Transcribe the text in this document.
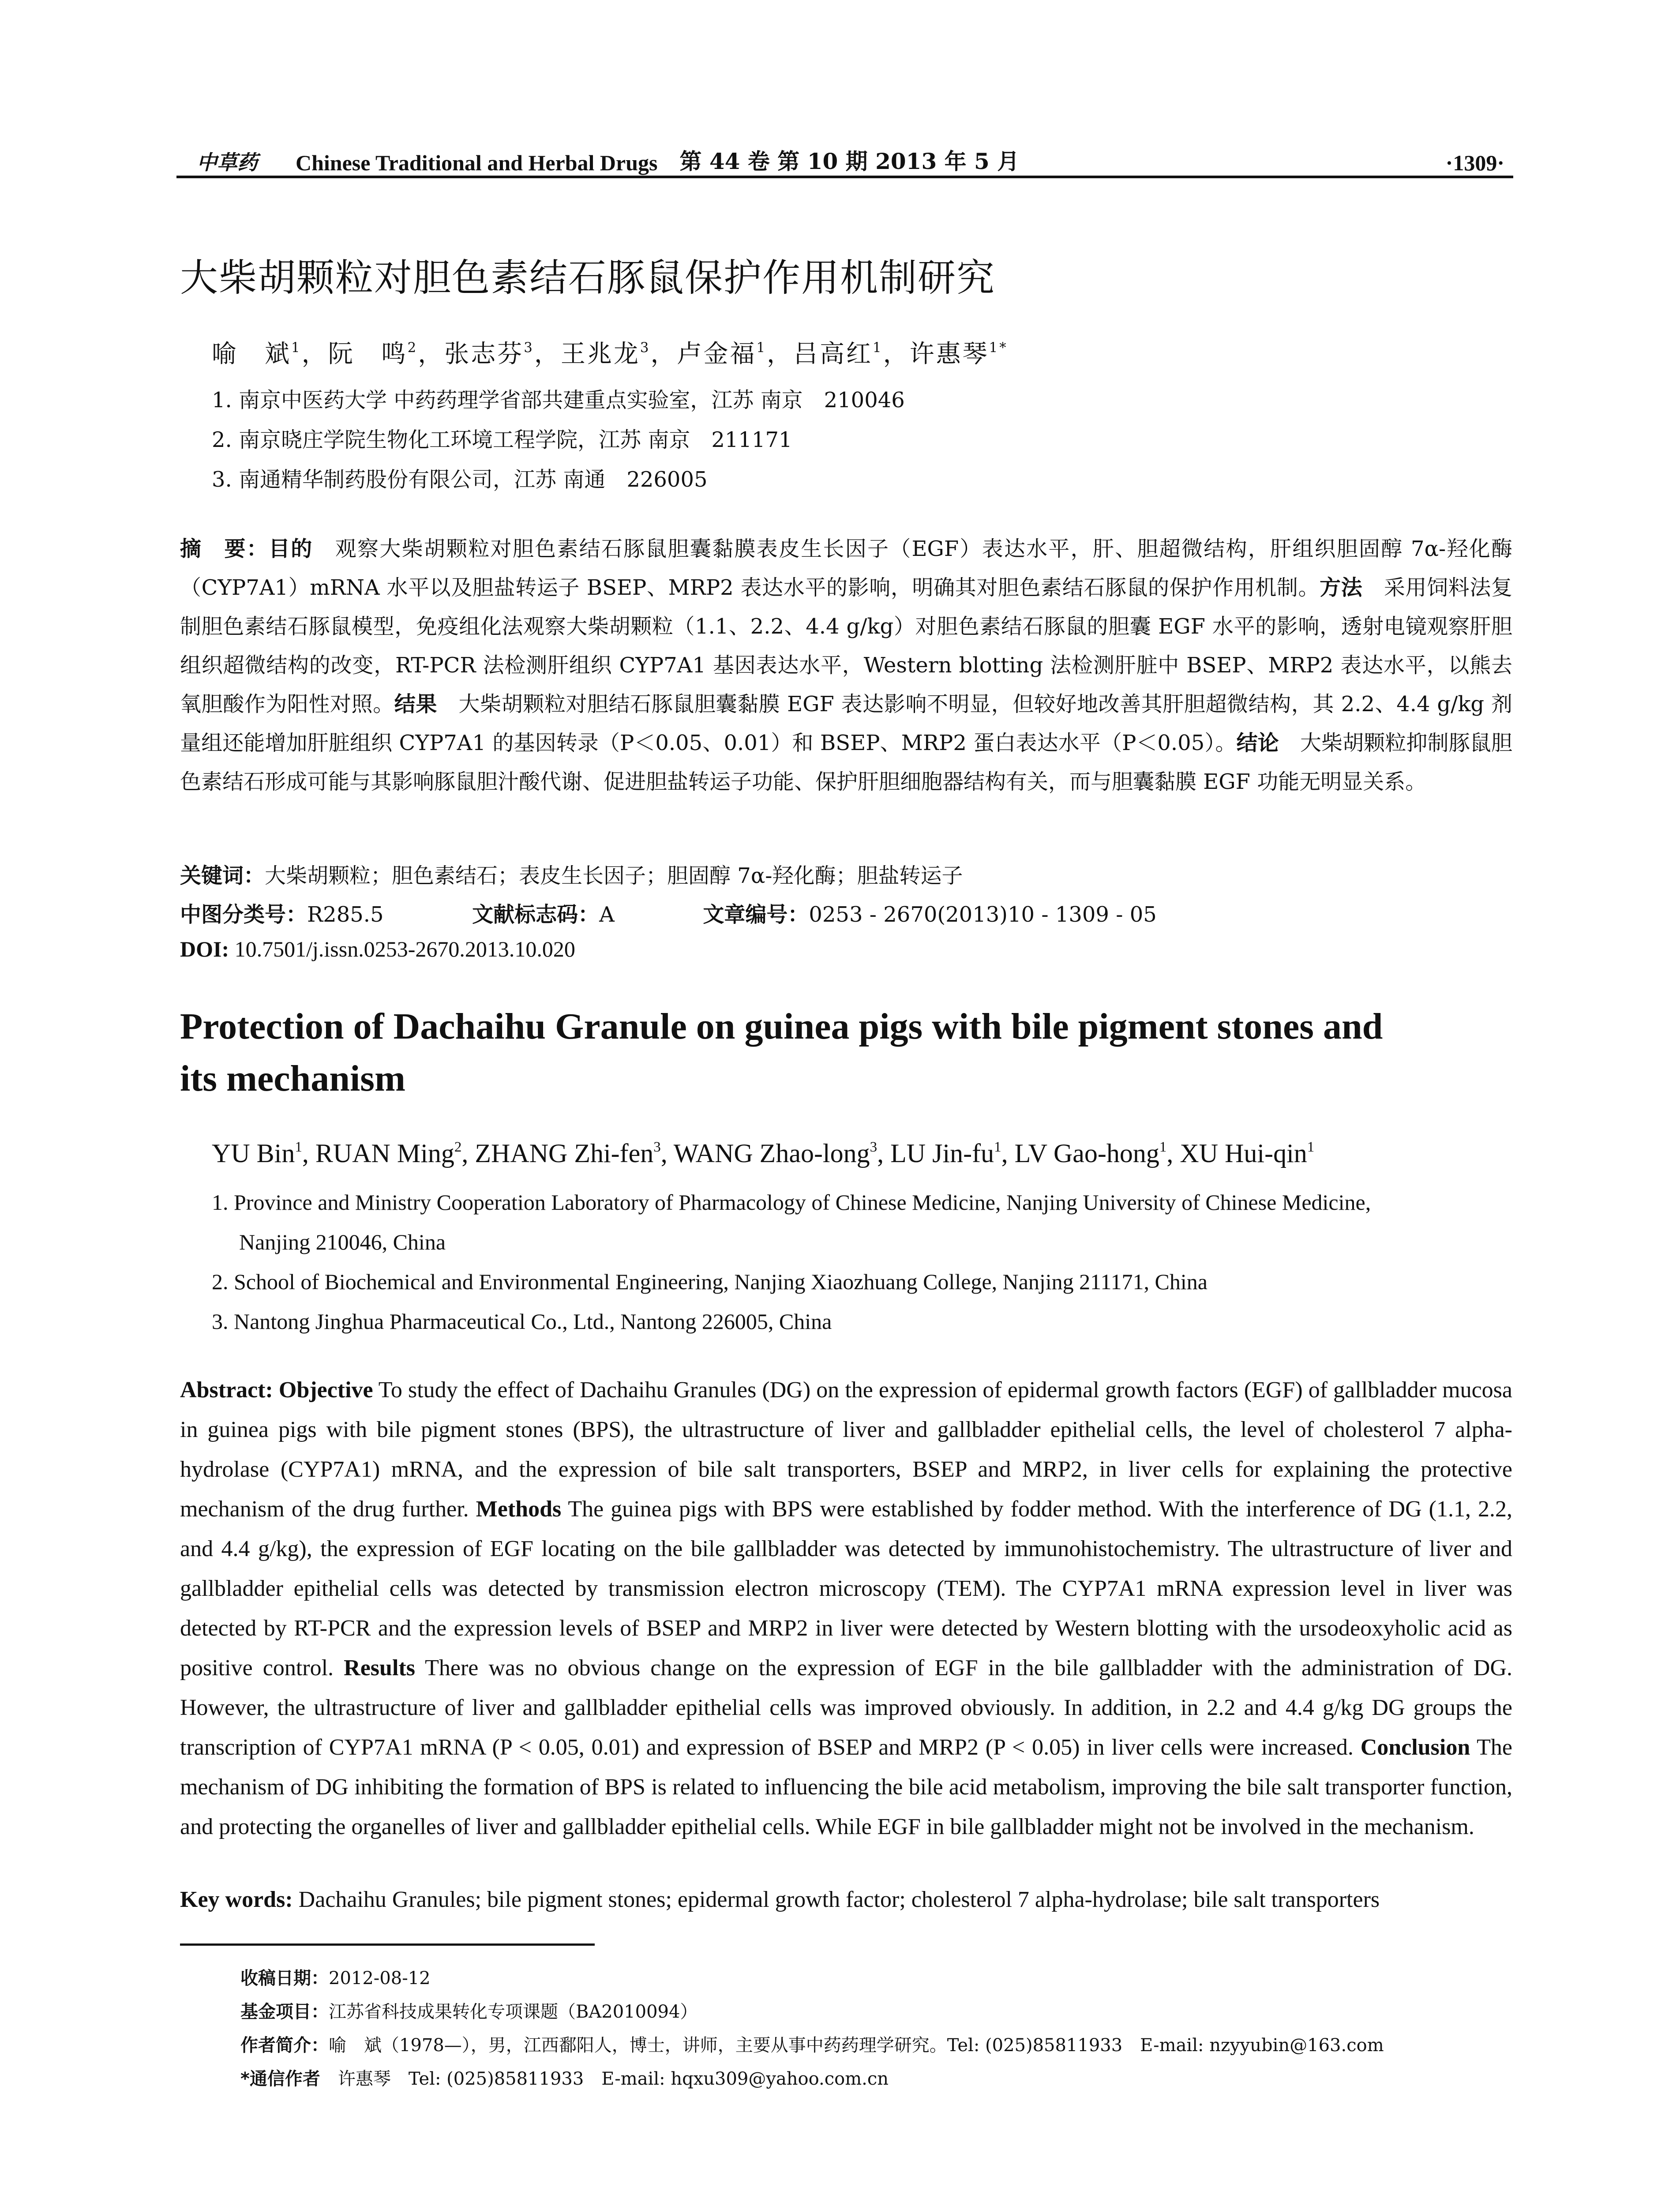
中草药	Chinese Traditional and Herbal Drugs 第 44 卷 第 10 期 2013 年 5 月	·1309·
大柴胡颗粒对胆色素结石豚鼠保护作用机制研究
喻　斌$^1$，阮　鸣$^2$，张志芬$^3$，王兆龙$^3$，卢金福$^1$，吕高红$^1$，许惠琴$^{1*}$
1. 南京中医药大学 中药药理学省部共建重点实验室，江苏 南京　210046
2. 南京晓庄学院生物化工环境工程学院，江苏 南京　211171
3. 南通精华制药股份有限公司，江苏 南通　226005
摘　要：目的　观察大柴胡颗粒对胆色素结石豚鼠胆囊黏膜表皮生长因子（EGF）表达水平，肝、胆超微结构，肝组织胆固醇 7α-羟化酶（CYP7A1）mRNA 水平以及胆盐转运子 BSEP、MRP2 表达水平的影响，明确其对胆色素结石豚鼠的保护作用机制。方法　采用饲料法复制胆色素结石豚鼠模型，免疫组化法观察大柴胡颗粒（1.1、2.2、4.4 g/kg）对胆色素结石豚鼠的胆囊 EGF 水平的影响，透射电镜观察肝胆组织超微结构的改变，RT-PCR 法检测肝组织 CYP7A1 基因表达水平，Western blotting 法检测肝脏中 BSEP、MRP2 表达水平，以熊去氧胆酸作为阳性对照。结果　大柴胡颗粒对胆结石豚鼠胆囊黏膜 EGF 表达影响不明显，但较好地改善其肝胆超微结构，其 2.2、4.4 g/kg 剂量组还能增加肝脏组织 CYP7A1 的基因转录（P＜0.05、0.01）和 BSEP、MRP2 蛋白表达水平（P＜0.05）。结论　大柴胡颗粒抑制豚鼠胆色素结石形成可能与其影响豚鼠胆汁酸代谢、促进胆盐转运子功能、保护肝胆细胞器结构有关，而与胆囊黏膜 EGF 功能无明显关系。
关键词：大柴胡颗粒；胆色素结石；表皮生长因子；胆固醇 7α-羟化酶；胆盐转运子
中图分类号：R285.5	文献标志码：A	文章编号：0253 - 2670(2013)10 - 1309 - 05
DOI: 10.7501/j.issn.0253-2670.2013.10.020
Protection of Dachaihu Granule on guinea pigs with bile pigment stones and its mechanism
YU Bin$^1$, RUAN Ming$^2$, ZHANG Zhi-fen$^3$, WANG Zhao-long$^3$, LU Jin-$fu^1$, LV Gao-hong$^1$, XU Hui-qin$^1$
1. Province and Ministry Cooperation Laboratory of Pharmacology of Chinese Medicine, Nanjing University of Chinese Medicine,
Nanjing 210046, China
2. School of Biochemical and Environmental Engineering, Nanjing Xiaozhuang College, Nanjing 211171, China
3. Nantong Jinghua Pharmaceutical Co., Ltd., Nantong 226005, China
Abstract: Objective To study the effect of Dachaihu Granules (DG) on the expression of epidermal growth factors (EGF) of gallbladder mucosa in guinea pigs with bile pigment stones (BPS), the ultrastructure of liver and gallbladder epithelial cells, the level of cholesterol 7 alpha-hydrolase (CYP7A1) mRNA, and the expression of bile salt transporters, BSEP and MRP2, in liver cells for explaining the protective mechanism of the drug further. Methods The guinea pigs with BPS were established by fodder method. With the interference of DG (1.1, 2.2, and 4.4 g/kg), the expression of EGF locating on the bile gallbladder was detected by immunohistochemistry. The ultrastructure of liver and gallbladder epithelial cells was detected by transmission electron microscopy (TEM). The CYP7A1 mRNA expression level in liver was detected by RT-PCR and the expression levels of BSEP and MRP2 in liver were detected by Western blotting with the ursodeoxyholic acid as positive control. Results There was no obvious change on the expression of EGF in the bile gallbladder with the administration of DG. However, the ultrastructure of liver and gallbladder epithelial cells was improved obviously. In addition, in 2.2 and 4.4 g/kg DG groups the transcription of CYP7A1 mRNA (P < 0.05, 0.01) and expression of BSEP and MRP2 (P < 0.05) in liver cells were increased. Conclusion The mechanism of DG inhibiting the formation of BPS is related to influencing the bile acid metabolism, improving the bile salt transporter function, and protecting the organelles of liver and gallbladder epithelial cells. While EGF in bile gallbladder might not be involved in the mechanism.
Key words: Dachaihu Granules; bile pigment stones; epidermal growth factor; cholesterol 7 alpha-hydrolase; bile salt transporters
收稿日期：2012-08-12
基金项目：江苏省科技成果转化专项课题（BA2010094）
作者简介：喻　斌（1978—），男，江西鄱阳人，博士，讲师，主要从事中药药理学研究。Tel: (025)85811933　E-mail: nzyyubin@163.com
*通信作者　许惠琴　Tel: (025)85811933　E-mail: hqxu309@yahoo.com.cn
